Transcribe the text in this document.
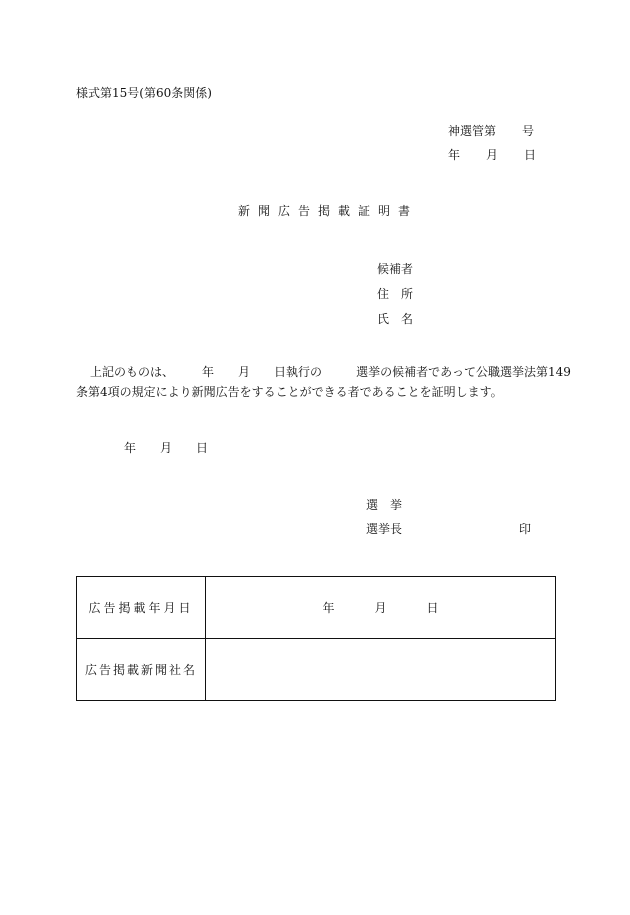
様式第15号(第60条関係)
神選管第 号
年 月 日
新聞広告掲載証明書
候補者
住　所
氏　名
上記のものは、 年 月 日執行の	選挙の候補者であって公職選挙法第149
条第4項の規定により新聞広告をすることができる者であることを証明します。
年 月 日
選　挙
選挙長	印
広告掲載年月日	年 月 日
広告掲載新聞社名	
